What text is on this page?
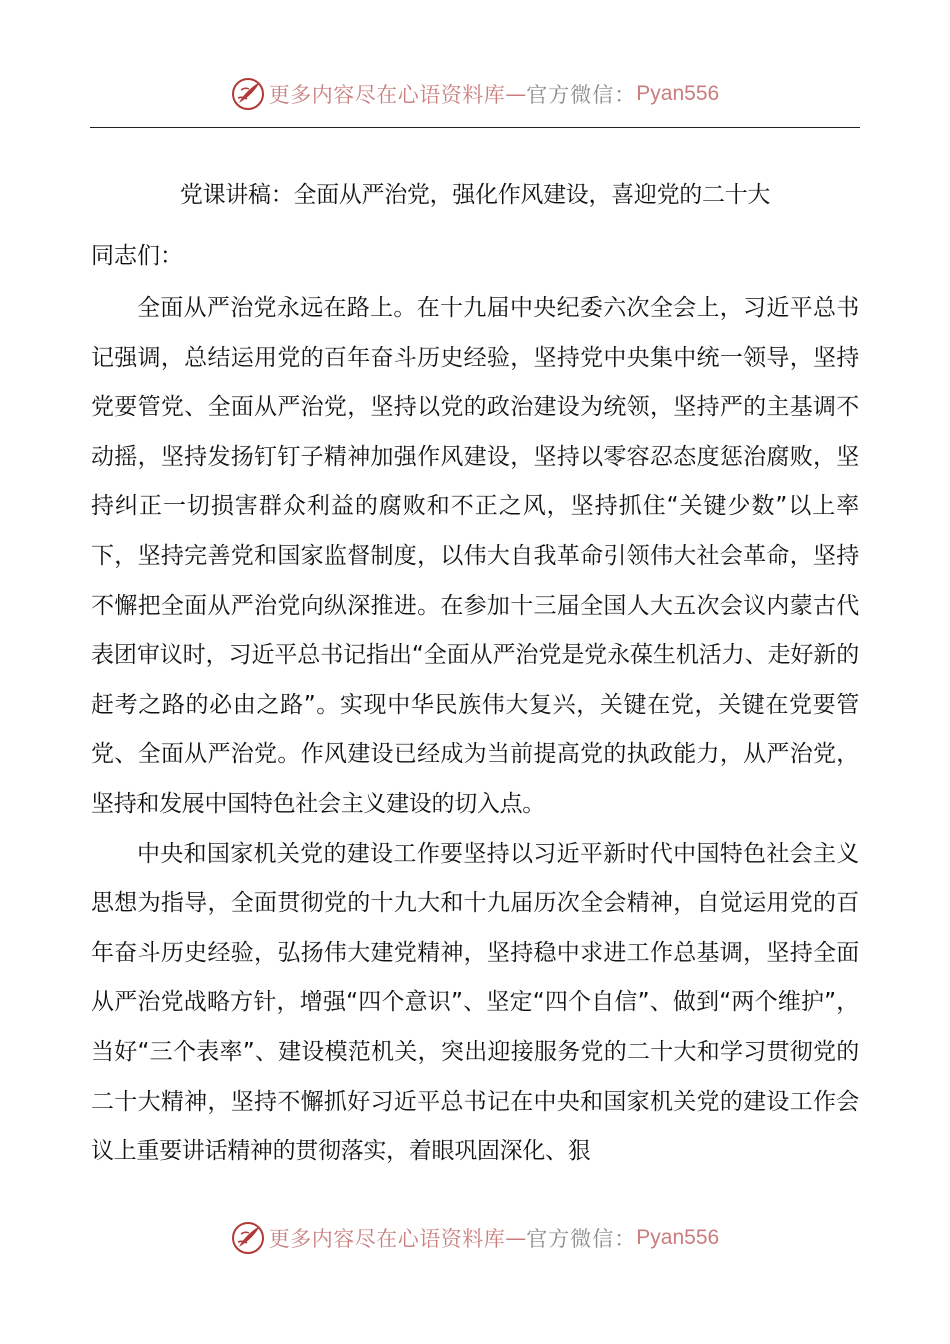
更多内容尽在心语资料库 — 官方微信： Pyan556
党课讲稿：全面从严治党，强化作风建设，喜迎党的二十大

同志们：

全面从严治党永远在路上。在十九届中央纪委六次全会上，习近平总书记强调，总结运用党的百年奋斗历史经验，坚持党中央集中统一领导，坚持党要管党、全面从严治党，坚持以党的政治建设为统领，坚持严的主基调不动摇，坚持发扬钉钉子精神加强作风建设，坚持以零容忍态度惩治腐败，坚持纠正一切损害群众利益的腐败和不正之风，坚持抓住“关键少数”以上率下，坚持完善党和国家监督制度，以伟大自我革命引领伟大社会革命，坚持不懈把全面从严治党向纵深推进。在参加十三届全国人大五次会议内蒙古代表团审议时，习近平总书记指出“全面从严治党是党永葆生机活力、走好新的赶考之路的必由之路”。实现中华民族伟大复兴，关键在党，关键在党要管党、全面从严治党。作风建设已经成为当前提高党的执政能力，从严治党，坚持和发展中国特色社会主义建设的切入点。

中央和国家机关党的建设工作要坚持以习近平新时代中国特色社会主义思想为指导，全面贯彻党的十九大和十九届历次全会精神，自觉运用党的百年奋斗历史经验，弘扬伟大建党精神，坚持稳中求进工作总基调，坚持全面从严治党战略方针，增强“四个意识”、坚定“四个自信”、做到“两个维护”，当好“三个表率”、建设模范机关，突出迎接服务党的二十大和学习贯彻党的二十大精神，坚持不懈抓好习近平总书记在中央和国家机关党的建设工作会议上重要讲话精神的贯彻落实，着眼巩固深化、狠

更多内容尽在心语资料库 — 官方微信： Pyan556
